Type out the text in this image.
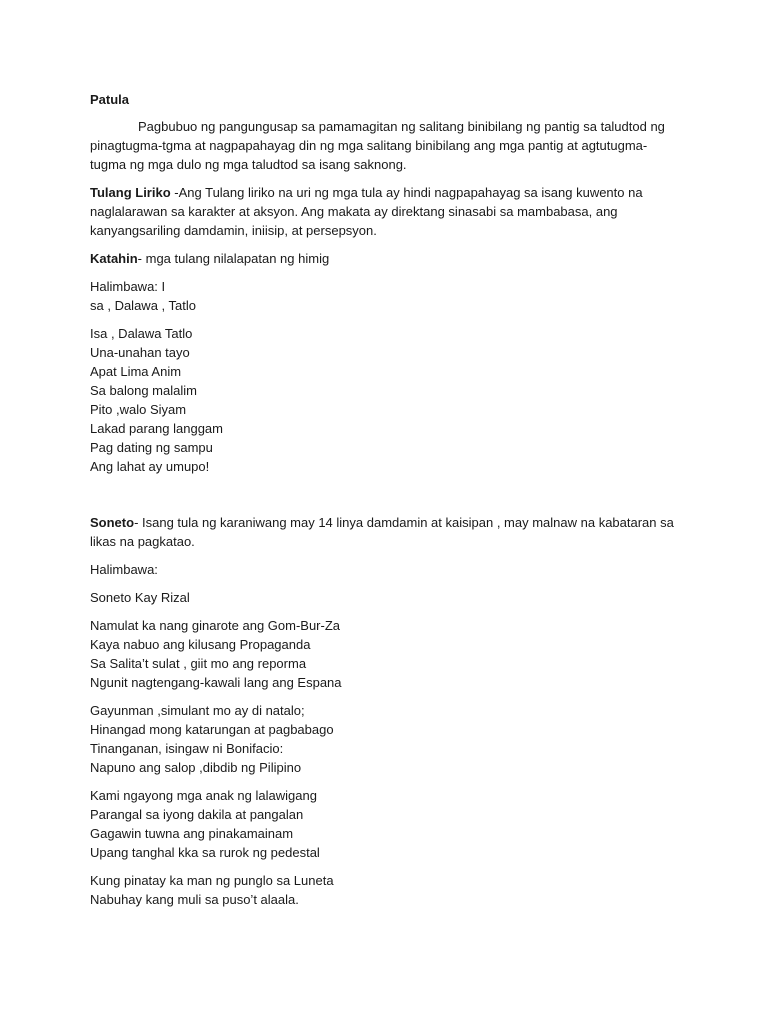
Patula
Pagbubuo ng pangungusap sa pamamagitan ng salitang binibilang ng pantig sa taludtod ng pinagtugma-tgma at nagpapahayag din ng mga salitang binibilang ang mga pantig at agtutugma-tugma ng mga dulo ng mga taludtod sa isang saknong.
Tulang Liriko -Ang Tulang liriko na uri ng mga tula ay hindi nagpapahayag sa isang kuwento na naglalarawan sa karakter at aksyon. Ang makata ay direktang sinasabi sa mambabasa, ang kanyangsariling damdamin, iniisip, at persepsyon.
Katahin- mga tulang nilalapatan ng himig
Halimbawa: I
sa , Dalawa , Tatlo
Isa , Dalawa Tatlo
Una-unahan tayo
Apat Lima Anim
Sa balong malalim
Pito ,walo Siyam
Lakad parang langgam
Pag dating ng sampu
Ang lahat ay umupo!
Soneto- Isang tula ng karaniwang may 14 linya damdamin at kaisipan , may malnaw na kabataran sa likas na pagkatao.
Halimbawa:
Soneto Kay Rizal
Namulat ka nang ginarote ang Gom-Bur-Za
Kaya nabuo ang kilusang Propaganda
Sa Salita’t sulat , giit mo ang reporma
Ngunit nagtengang-kawali lang ang Espana
Gayunman ,simulant mo ay di natalo;
Hinangad mong katarungan at pagbabago
Tinanganan, isingaw ni Bonifacio:
Napuno ang salop ,dibdib ng Pilipino
Kami ngayong mga anak ng lalawigang
Parangal sa iyong dakila at pangalan
Gagawin tuwna ang pinakamainam
Upang tanghal kka sa rurok ng pedestal
Kung pinatay ka man ng punglo sa Luneta
Nabuhay kang muli sa puso’t alaala.
